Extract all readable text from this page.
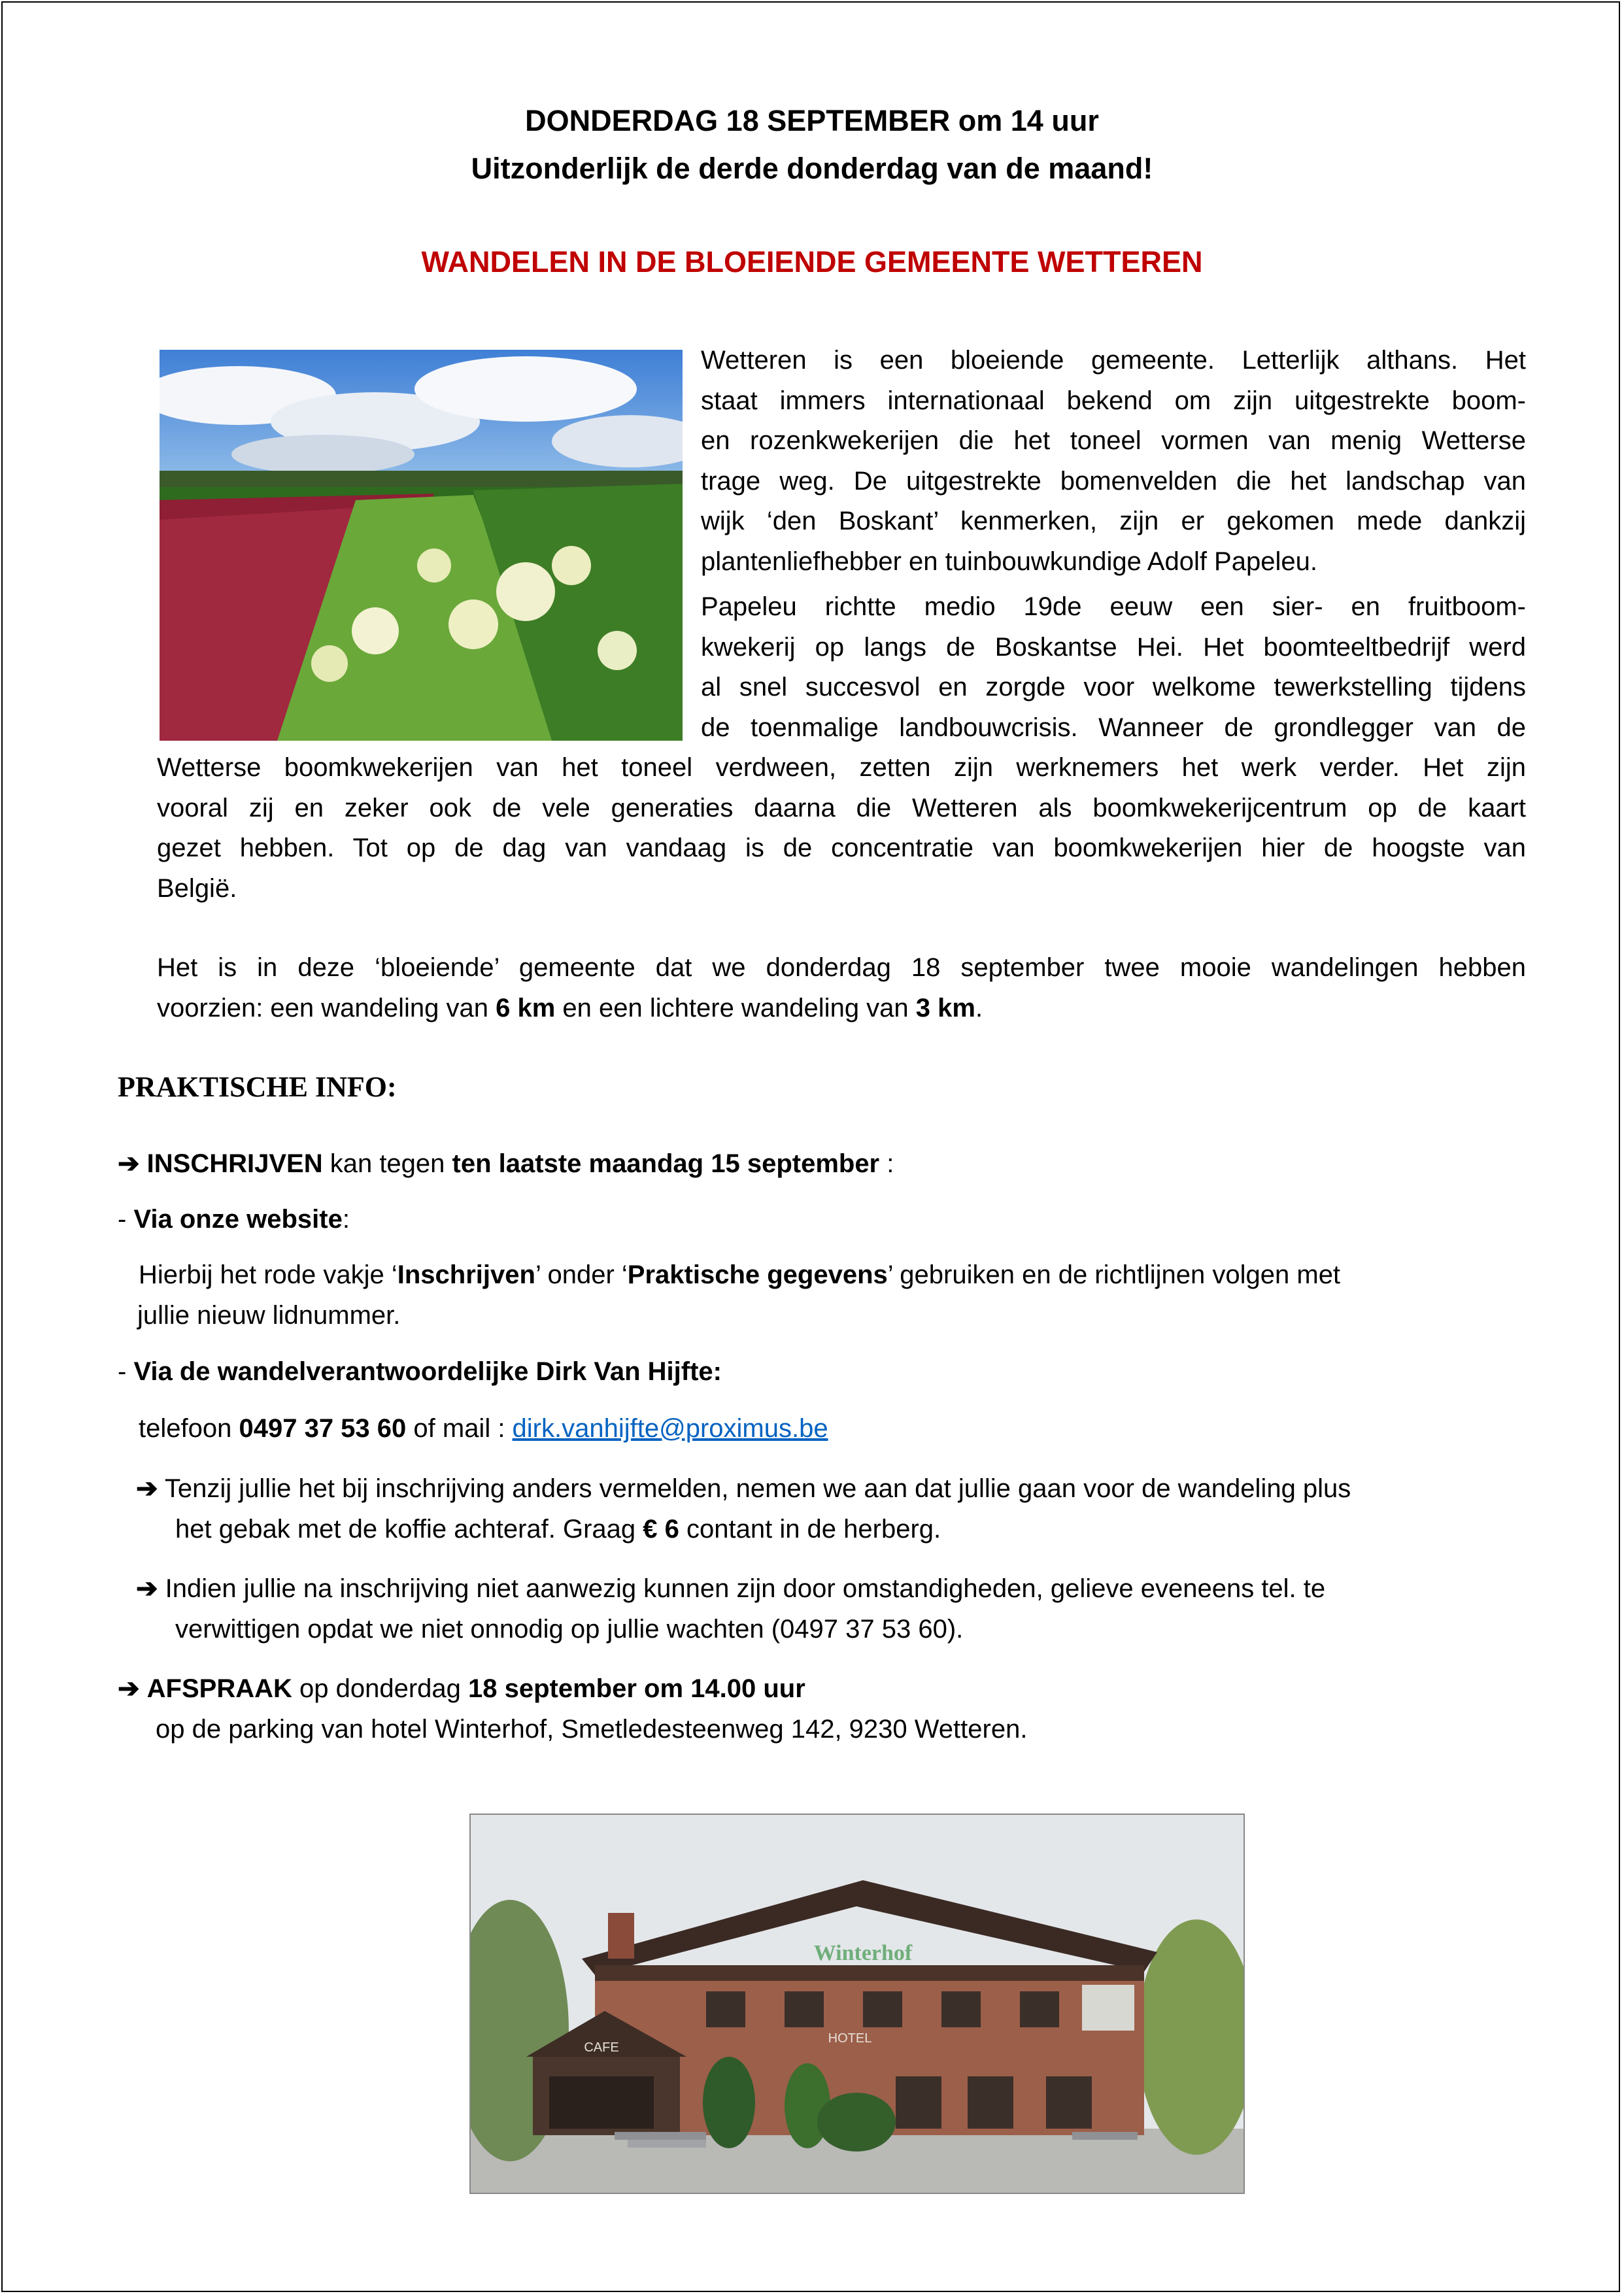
DONDERDAG 18 SEPTEMBER om 14 uur
Uitzonderlijk de derde donderdag van de maand!
WANDELEN IN DE BLOEIENDE GEMEENTE WETTEREN
Wetteren is een bloeiende gemeente. Letterlijk althans. Het
staat immers internationaal bekend om zijn uitgestrekte boom-
en rozenkwekerijen die het toneel vormen van menig Wetterse
trage weg. De uitgestrekte bomenvelden die het landschap van
wijk ‘den Boskant’ kenmerken, zijn er gekomen mede dankzij
plantenliefhebber en tuinbouwkundige Adolf Papeleu.
Papeleu richtte medio 19de eeuw een sier- en fruitboom-
kwekerij op langs de Boskantse Hei. Het boomteeltbedrijf werd
al snel succesvol en zorgde voor welkome tewerkstelling tijdens
de toenmalige landbouwcrisis. Wanneer de grondlegger van de
Wetterse boomkwekerijen van het toneel verdween, zetten zijn werknemers het werk verder. Het zijn
vooral zij en zeker ook de vele generaties daarna die Wetteren als boomkwekerijcentrum op de kaart
gezet hebben. Tot op de dag van vandaag is de concentratie van boomkwekerijen hier de hoogste van
België.
Het is in deze ‘bloeiende’ gemeente dat we donderdag 18 september twee mooie wandelingen hebben
voorzien: een wandeling van 6 km en een lichtere wandeling van 3 km.
PRAKTISCHE INFO:
➔ INSCHRIJVEN kan tegen ten laatste maandag 15 september :
- Via onze website:
Hierbij het rode vakje ‘Inschrijven’ onder ‘Praktische gegevens’ gebruiken en de richtlijnen volgen met
jullie nieuw lidnummer.
- Via de wandelverantwoordelijke Dirk Van Hijfte:
telefoon 0497 37 53 60 of mail : dirk.vanhijfte@proximus.be
➔ Tenzij jullie het bij inschrijving anders vermelden, nemen we aan dat jullie gaan voor de wandeling plus
het gebak met de koffie achteraf. Graag € 6 contant in de herberg.
➔ Indien jullie na inschrijving niet aanwezig kunnen zijn door omstandigheden, gelieve eveneens tel. te
verwittigen opdat we niet onnodig op jullie wachten (0497 37 53 60).
➔ AFSPRAAK op donderdag 18 september om 14.00 uur
op de parking van hotel Winterhof, Smetledesteenweg 142, 9230 Wetteren.
Winterhof
CAFE
HOTEL
